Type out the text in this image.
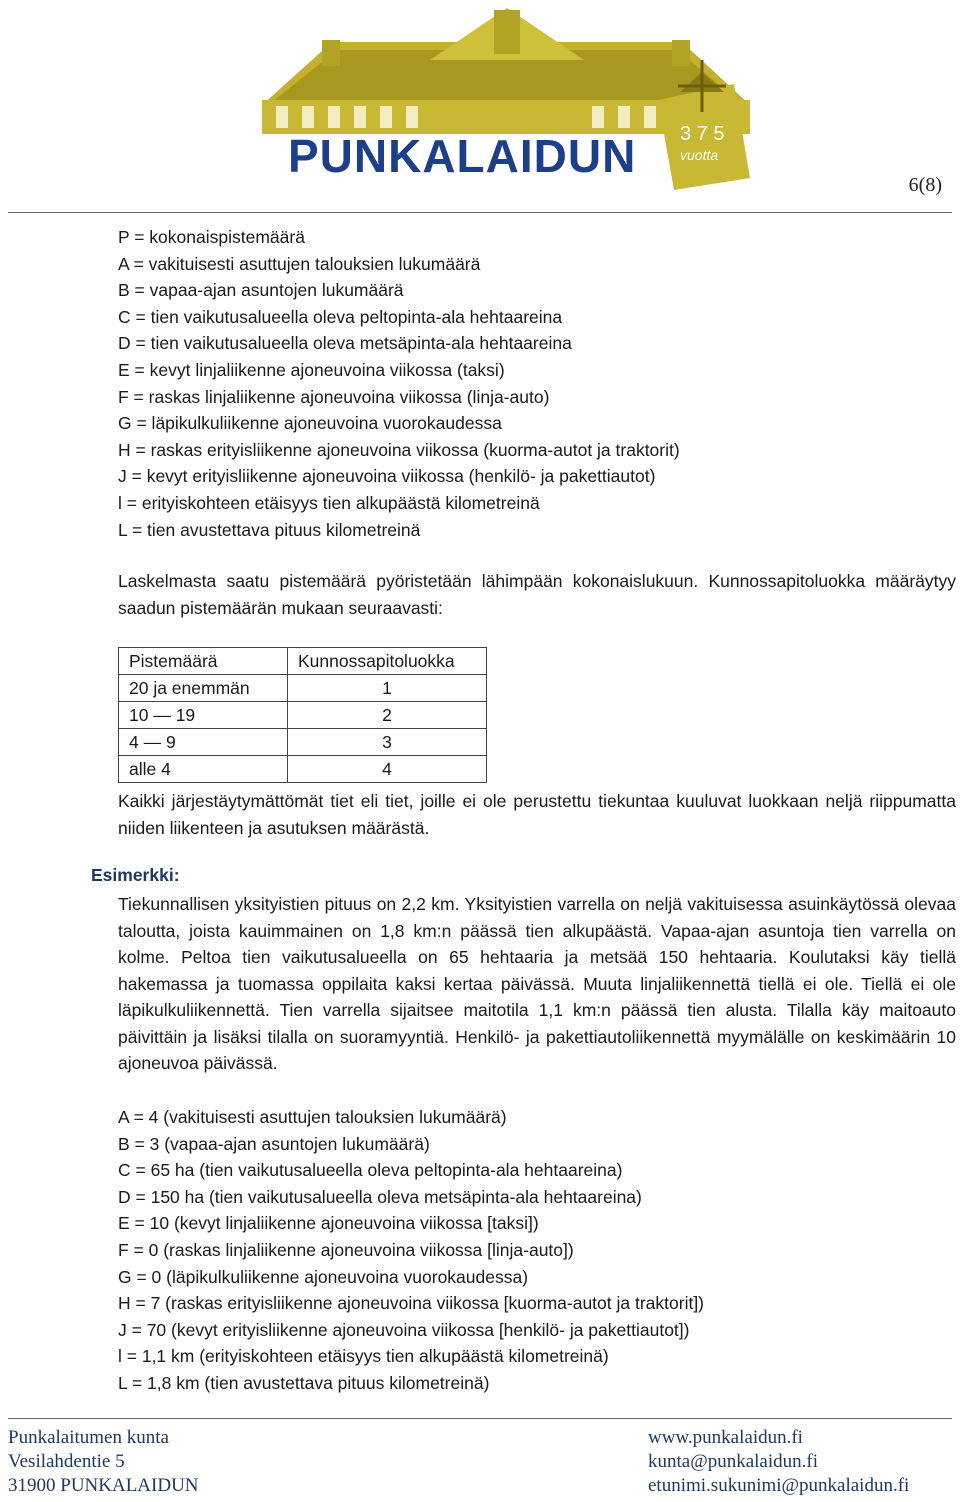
PUNKALAIDUN 3 7 5
vuotta
6(8)
P = kokonaispistemäärä
A = vakituisesti asuttujen talouksien lukumäärä
B = vapaa-ajan asuntojen lukumäärä
C = tien vaikutusalueella oleva peltopinta-ala hehtaareina
D = tien vaikutusalueella oleva metsäpinta-ala hehtaareina
E = kevyt linjaliikenne ajoneuvoina viikossa (taksi)
F = raskas linjaliikenne ajoneuvoina viikossa (linja-auto)
G = läpikulkuliikenne ajoneuvoina vuorokaudessa
H = raskas erityisliikenne ajoneuvoina viikossa (kuorma-autot ja traktorit)
J = kevyt erityisliikenne ajoneuvoina viikossa (henkilö- ja pakettiautot)
l = erityiskohteen etäisyys tien alkupäästä kilometreinä
L = tien avustettava pituus kilometreinä

Laskelmasta saatu pistemäärä pyöristetään lähimpään kokonaislukuun. Kunnossapitoluokka määräytyy saadun pistemäärän mukaan seuraavasti:

Pistemäärä	Kunnossapitoluokka
20 ja enemmän	1
10 — 19	2
4 — 9	3
alle 4	4

Kaikki järjestäytymättömät tiet eli tiet, joille ei ole perustettu tiekuntaa kuuluvat luokkaan neljä riippumatta niiden liikenteen ja asutuksen määrästä.

Tiekunnallisen yksityistien pituus on 2,2 km. Yksityistien varrella on neljä vakituisessa asuinkäytössä olevaa taloutta, joista kauimmainen on 1,8 km:n päässä tien alkupäästä. Vapaa-ajan asuntoja tien varrella on kolme. Peltoa tien vaikutusalueella on 65 hehtaaria ja metsää 150 hehtaaria. Koulutaksi käy tiellä hakemassa ja tuomassa oppilaita kaksi kertaa päivässä. Muuta linjaliikennettä tiellä ei ole. Tiellä ei ole läpikulkuliikennettä. Tien varrella sijaitsee maitotila 1,1 km:n päässä tien alusta. Tilalla käy maitoauto päivittäin ja lisäksi tilalla on suoramyyntiä. Henkilö- ja pakettiautoliikennettä myymälälle on keskimäärin 10 ajoneuvoa päivässä.

A = 4 (vakituisesti asuttujen talouksien lukumäärä)
B = 3 (vapaa-ajan asuntojen lukumäärä)
C = 65 ha (tien vaikutusalueella oleva peltopinta-ala hehtaareina)
D = 150 ha (tien vaikutusalueella oleva metsäpinta-ala hehtaareina)
E = 10 (kevyt linjaliikenne ajoneuvoina viikossa [taksi])
F = 0 (raskas linjaliikenne ajoneuvoina viikossa [linja-auto])
G = 0 (läpikulkuliikenne ajoneuvoina vuorokaudessa)
H = 7 (raskas erityisliikenne ajoneuvoina viikossa [kuorma-autot ja traktorit])
J = 70 (kevyt erityisliikenne ajoneuvoina viikossa [henkilö- ja pakettiautot])
l = 1,1 km (erityiskohteen etäisyys tien alkupäästä kilometreinä)
L = 1,8 km (tien avustettava pituus kilometreinä)
Esimerkki:
Punkalaitumen kunta
Vesilahdentie 5
31900 PUNKALAIDUN
www.punkalaidun.fi
kunta@punkalaidun.fi
etunimi.sukunimi@punkalaidun.fi
